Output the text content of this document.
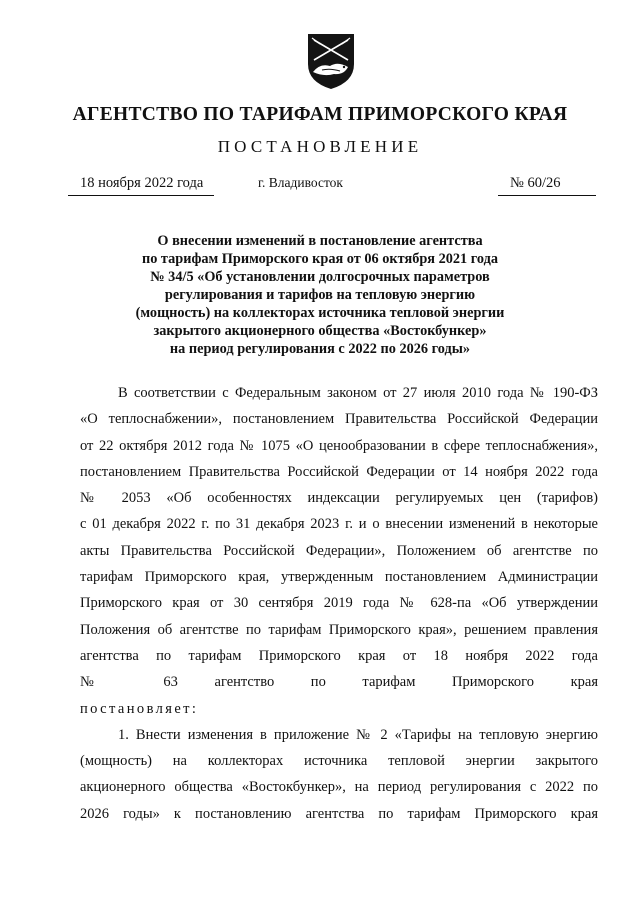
АГЕНТСТВО ПО ТАРИФАМ ПРИМОРСКОГО КРАЯ
ПОСТАНОВЛЕНИЕ
18 ноября 2022 года	г. Владивосток	№ 60/26
О внесении изменений в постановление агентства
по тарифам Приморского края от 06 октября 2021 года
№ 34/5 «Об установлении долгосрочных параметров
регулирования и тарифов на тепловую энергию
(мощность) на коллекторах источника тепловой энергии
закрытого акционерного общества «Востокбункер»
на период регулирования с 2022 по 2026 годы»
В соответствии с Федеральным законом от 27 июля 2010 года № 190-ФЗ
«О теплоснабжении», постановлением Правительства Российской Федерации
от 22 октября 2012 года № 1075 «О ценообразовании в сфере теплоснабжения»,
постановлением Правительства Российской Федерации от 14 ноября 2022 года
№ 2053 «Об особенностях индексации регулируемых цен (тарифов)
с 01 декабря 2022 г. по 31 декабря 2023 г. и о внесении изменений в некоторые
акты Правительства Российской Федерации», Положением об агентстве по
тарифам Приморского края, утвержденным постановлением Администрации
Приморского края от 30 сентября 2019 года № 628-па «Об утверждении
Положения об агентстве по тарифам Приморского края», решением правления
агентства по тарифам Приморского края от 18 ноября 2022 года
№ 63 агентство по тарифам Приморского края
постановляет:
1. Внести изменения в приложение № 2 «Тарифы на тепловую энергию
(мощность) на коллекторах источника тепловой энергии закрытого
акционерного общества «Востокбункер», на период регулирования с 2022 по
2026 годы» к постановлению агентства по тарифам Приморского края
